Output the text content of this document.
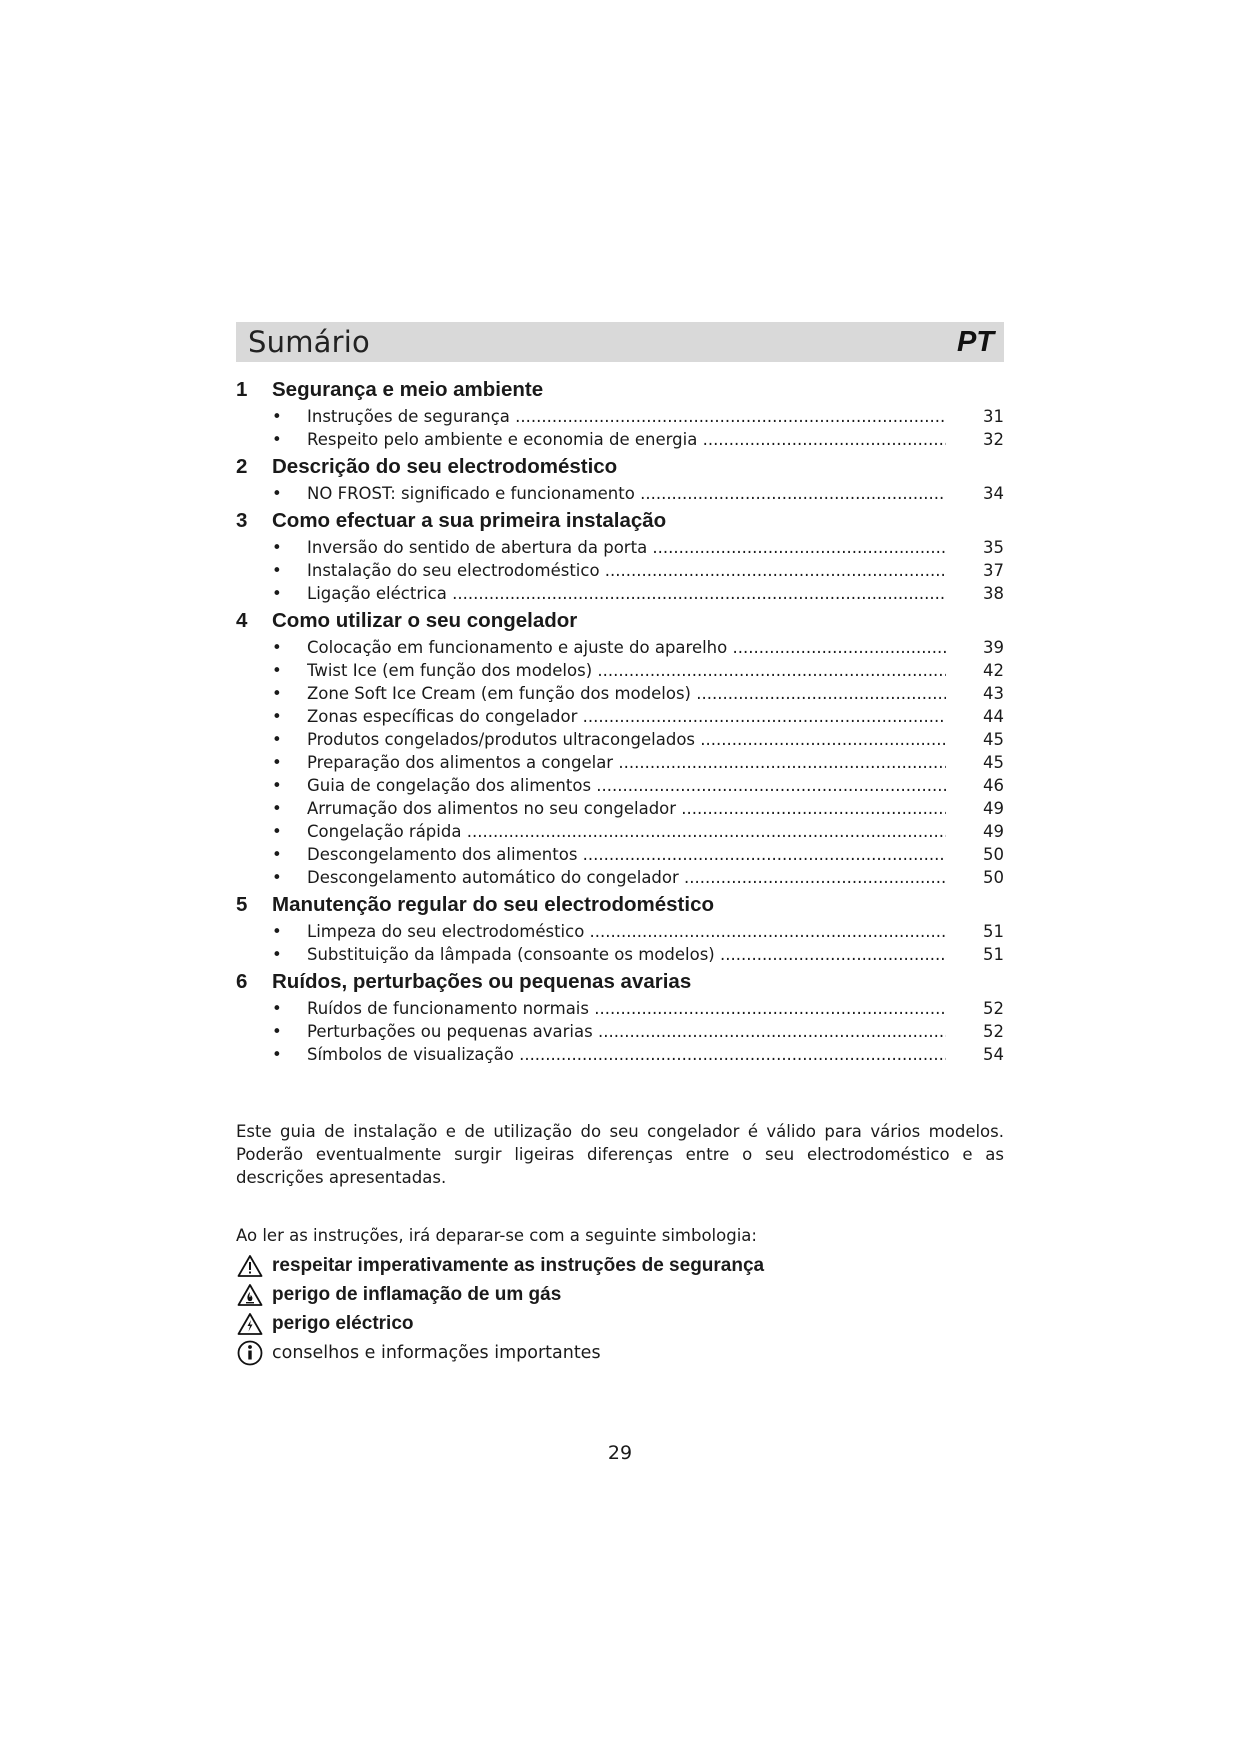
Sumário	PT
1	Segurança e meio ambiente
•	Instruções de segurança .....	31
•	Respeito pelo ambiente e economia de energia .....	32
2	Descrição do seu electrodoméstico
•	NO FROST: significado e funcionamento .....	34
3	Como efectuar a sua primeira instalação
•	Inversão do sentido de abertura da porta .....	35
•	Instalação do seu electrodoméstico .....	37
•	Ligação eléctrica .....	38
4	Como utilizar o seu congelador
•	Colocação em funcionamento e ajuste do aparelho .....	39
•	Twist Ice (em função dos modelos) .....	42
•	Zone Soft Ice Cream (em função dos modelos) .....	43
•	Zonas específicas do congelador .....	44
•	Produtos congelados/produtos ultracongelados .....	45
•	Preparação dos alimentos a congelar .....	45
•	Guia de congelação dos alimentos .....	46
•	Arrumação dos alimentos no seu congelador .....	49
•	Congelação rápida .....	49
•	Descongelamento dos alimentos .....	50
•	Descongelamento automático do congelador .....	50
5	Manutenção regular do seu electrodoméstico
•	Limpeza do seu electrodoméstico .....	51
•	Substituição da lâmpada (consoante os modelos) .....	51
6	Ruídos, perturbações ou pequenas avarias
•	Ruídos de funcionamento normais .....	52
•	Perturbações ou pequenas avarias .....	52
•	Símbolos de visualização .....	54
Este guia de instalação e de utilização do seu congelador é válido para vários modelos. Poderão eventualmente surgir ligeiras diferenças entre o seu electrodoméstico e as descrições apresentadas.
Ao ler as instruções, irá deparar-se com a seguinte simbologia:
respeitar imperativamente as instruções de segurança
perigo de inflamação de um gás
perigo eléctrico
conselhos e informações importantes
29
